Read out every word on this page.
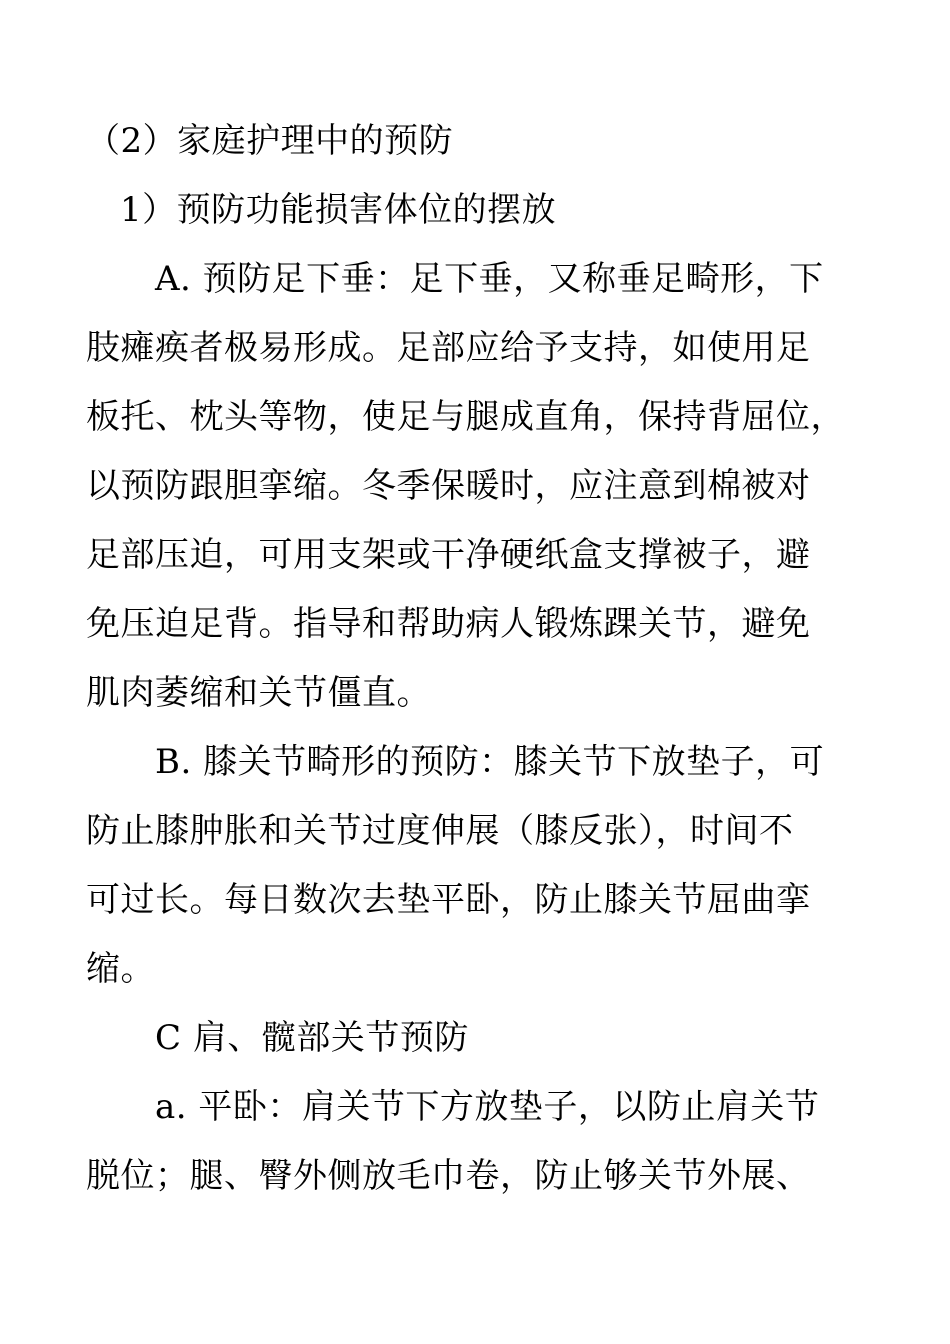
（2）家庭护理中的预防
1）预防功能损害体位的摆放
A. 预防足下垂：足下垂，又称垂足畸形，下
肢瘫痪者极易形成。足部应给予支持，如使用足
板托、枕头等物，使足与腿成直角，保持背屈位，
以预防跟胆挛缩。冬季保暖时，应注意到棉被对
足部压迫，可用支架或干净硬纸盒支撑被子，避
免压迫足背。指导和帮助病人锻炼踝关节，避免
肌肉萎缩和关节僵直。
B. 膝关节畸形的预防：膝关节下放垫子，可
防止膝肿胀和关节过度伸展（膝反张），时间不
可过长。每日数次去垫平卧，防止膝关节屈曲挛
缩。
C 肩、髋部关节预防
a. 平卧：肩关节下方放垫子，以防止肩关节
脱位；腿、臀外侧放毛巾卷，防止够关节外展、
